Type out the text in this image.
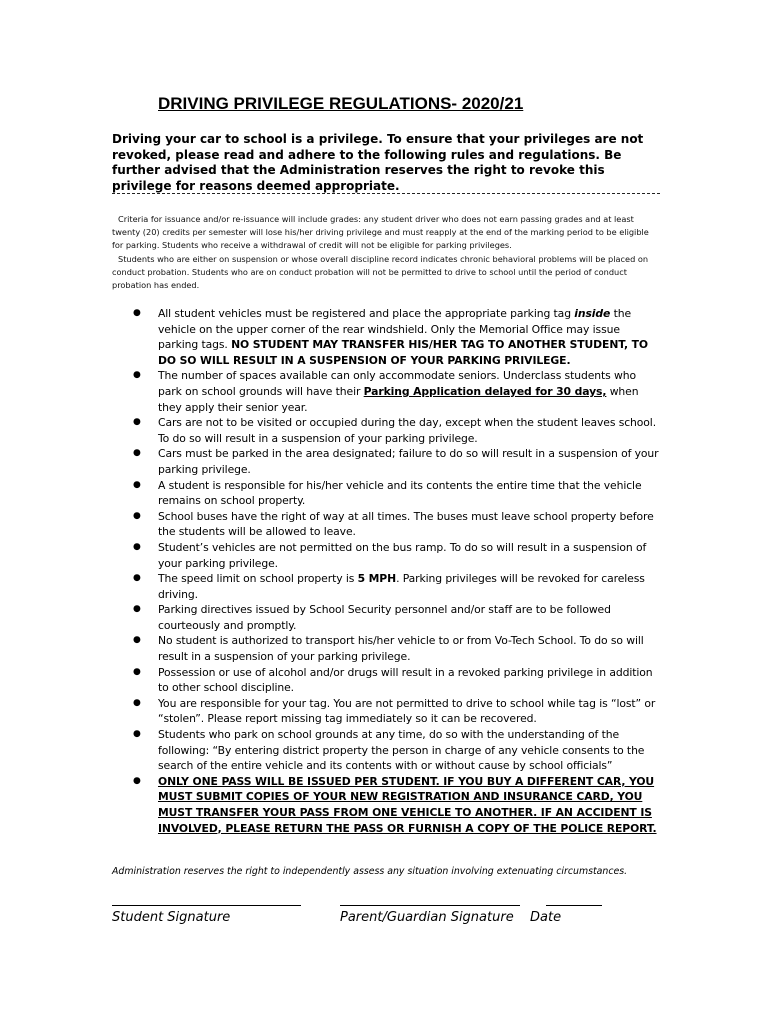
DRIVING PRIVILEGE REGULATIONS- 2020/21
Driving your car to school is a privilege. To ensure that your privileges are not revoked, please read and adhere to the following rules and regulations. Be further advised that the Administration reserves the right to revoke this privilege for reasons deemed appropriate.

Criteria for issuance and/or re-issuance will include grades: any student driver who does not earn passing grades and at least twenty (20) credits per semester will lose his/her driving privilege and must reapply at the end of the marking period to be eligible for parking. Students who receive a withdrawal of credit will not be eligible for parking privileges.

Students who are either on suspension or whose overall discipline record indicates chronic behavioral problems will be placed on conduct probation. Students who are on conduct probation will not be permitted to drive to school until the period of conduct probation has ended.

● All student vehicles must be registered and place the appropriate parking tag inside the vehicle on the upper corner of the rear windshield. Only the Memorial Office may issue parking tags. NO STUDENT MAY TRANSFER HIS/HER TAG TO ANOTHER STUDENT, TO DO SO WILL RESULT IN A SUSPENSION OF YOUR PARKING PRIVILEGE.
● The number of spaces available can only accommodate seniors. Underclass students who park on school grounds will have their Parking Application delayed for 30 days, when they apply their senior year.
● Cars are not to be visited or occupied during the day, except when the student leaves school. To do so will result in a suspension of your parking privilege.
● Cars must be parked in the area designated; failure to do so will result in a suspension of your parking privilege.
● A student is responsible for his/her vehicle and its contents the entire time that the vehicle remains on school property.
● School buses have the right of way at all times. The buses must leave school property before the students will be allowed to leave.
● Student’s vehicles are not permitted on the bus ramp. To do so will result in a suspension of your parking privilege.
● The speed limit on school property is 5 MPH. Parking privileges will be revoked for careless driving.
● Parking directives issued by School Security personnel and/or staff are to be followed courteously and promptly.
● No student is authorized to transport his/her vehicle to or from Vo-Tech School. To do so will result in a suspension of your parking privilege.
● Possession or use of alcohol and/or drugs will result in a revoked parking privilege in addition to other school discipline.
● You are responsible for your tag. You are not permitted to drive to school while tag is “lost” or “stolen”. Please report missing tag immediately so it can be recovered.
● Students who park on school grounds at any time, do so with the understanding of the following: “By entering district property the person in charge of any vehicle consents to the search of the entire vehicle and its contents with or without cause by school officials”
● ONLY ONE PASS WILL BE ISSUED PER STUDENT. IF YOU BUY A DIFFERENT CAR, YOU MUST SUBMIT COPIES OF YOUR NEW REGISTRATION AND INSURANCE CARD, YOU MUST TRANSFER YOUR PASS FROM ONE VEHICLE TO ANOTHER. IF AN ACCIDENT IS INVOLVED, PLEASE RETURN THE PASS OR FURNISH A COPY OF THE POLICE REPORT.
Administration reserves the right to independently assess any situation involving extenuating circumstances.
Student Signature	Parent/Guardian Signature Date
